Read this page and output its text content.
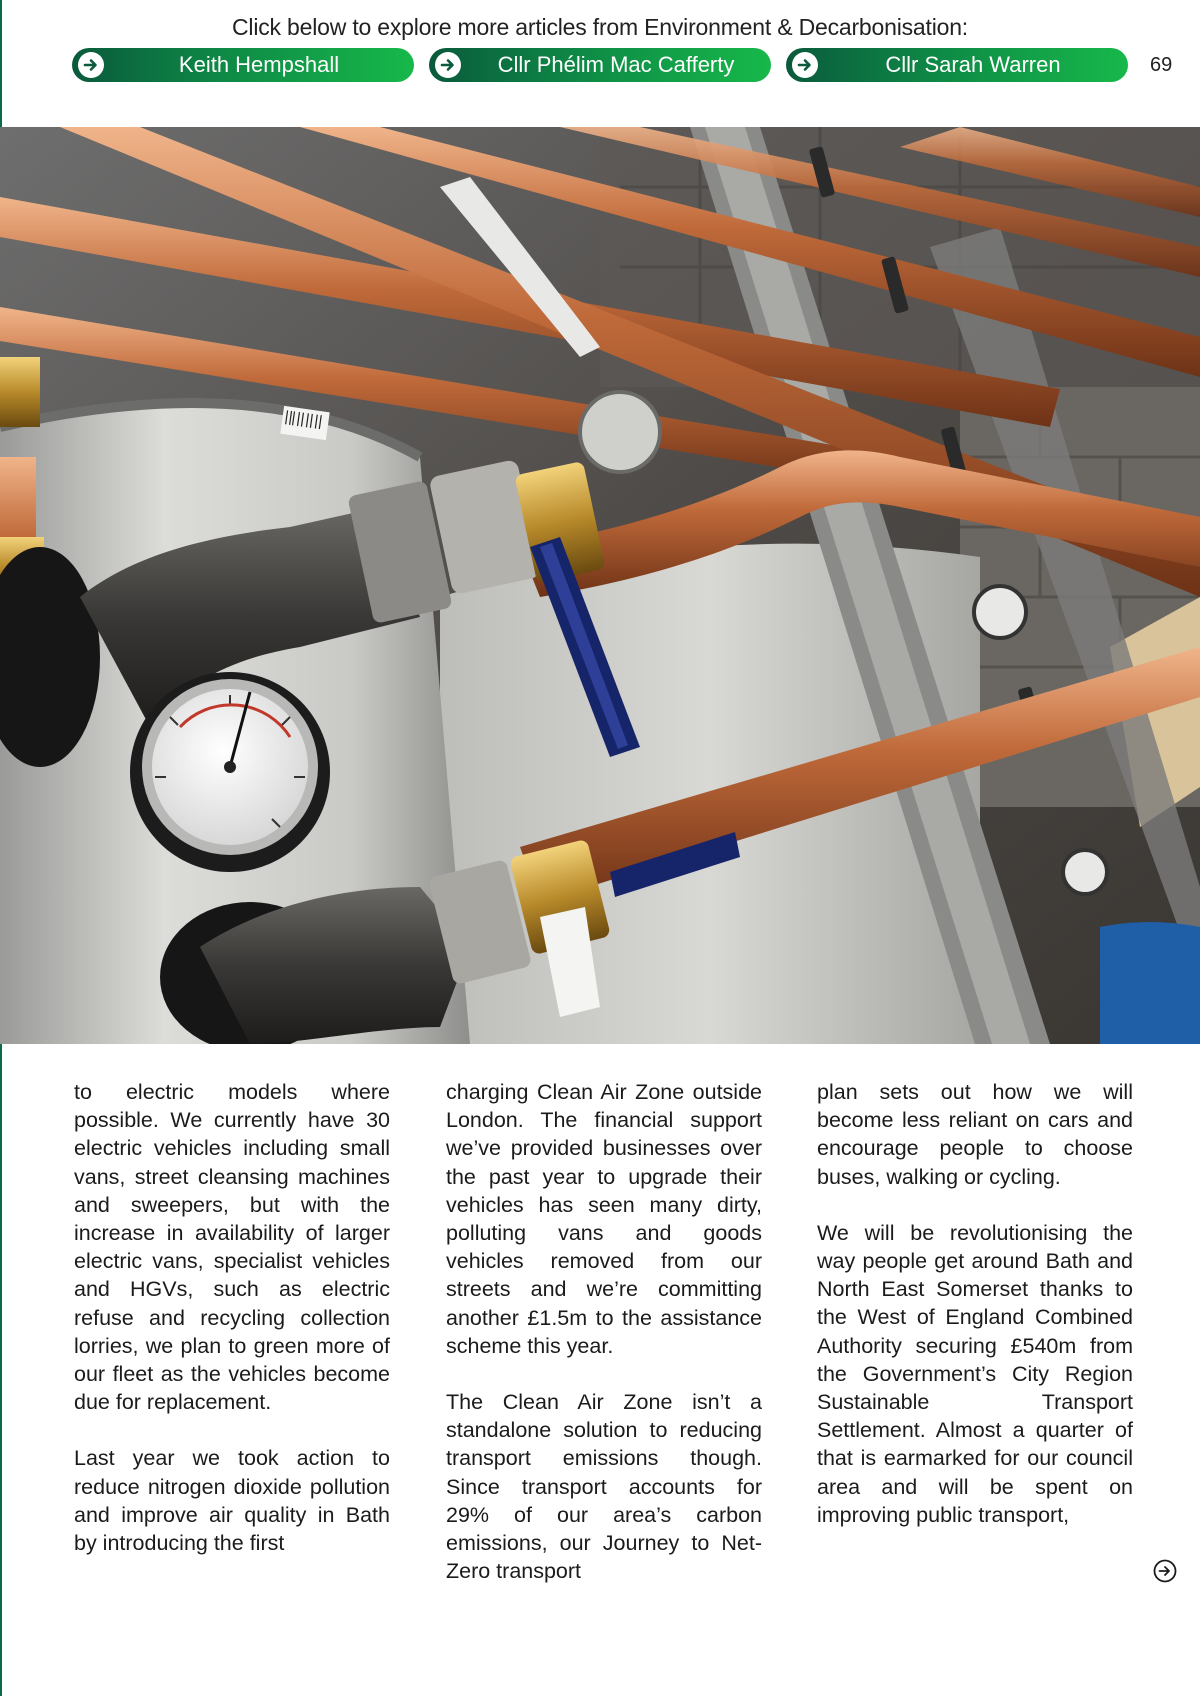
Click below to explore more articles from Environment & Decarbonisation:
Keith Hempshall	Cllr Phélim Mac Cafferty	Cllr Sarah Warren	69

to electric models where possible. We currently have 30 electric vehicles including small vans, street cleansing machines and sweepers, but with the increase in availability of larger electric vans, specialist vehicles and HGVs, such as electric refuse and recycling collection lorries, we plan to green more of our fleet as the vehicles become due for replacement.

Last year we took action to reduce nitrogen dioxide pollution and improve air quality in Bath by introducing the first

charging Clean Air Zone outside London. The financial support we’ve provided businesses over the past year to upgrade their vehicles has seen many dirty, polluting vans and goods vehicles removed from our streets and we’re committing another £1.5m to the assistance scheme this year.

The Clean Air Zone isn’t a standalone solution to reducing transport emissions though. Since transport accounts for 29% of our area’s carbon emissions, our Journey to Net-Zero transport

plan sets out how we will become less reliant on cars and encourage people to choose buses, walking or cycling.

We will be revolutionising the way people get around Bath and North East Somerset thanks to the West of England Combined Authority securing £540m from the Government’s City Region Sustainable Transport Settlement. Almost a quarter of that is earmarked for our council area and will be spent on improving public transport,
